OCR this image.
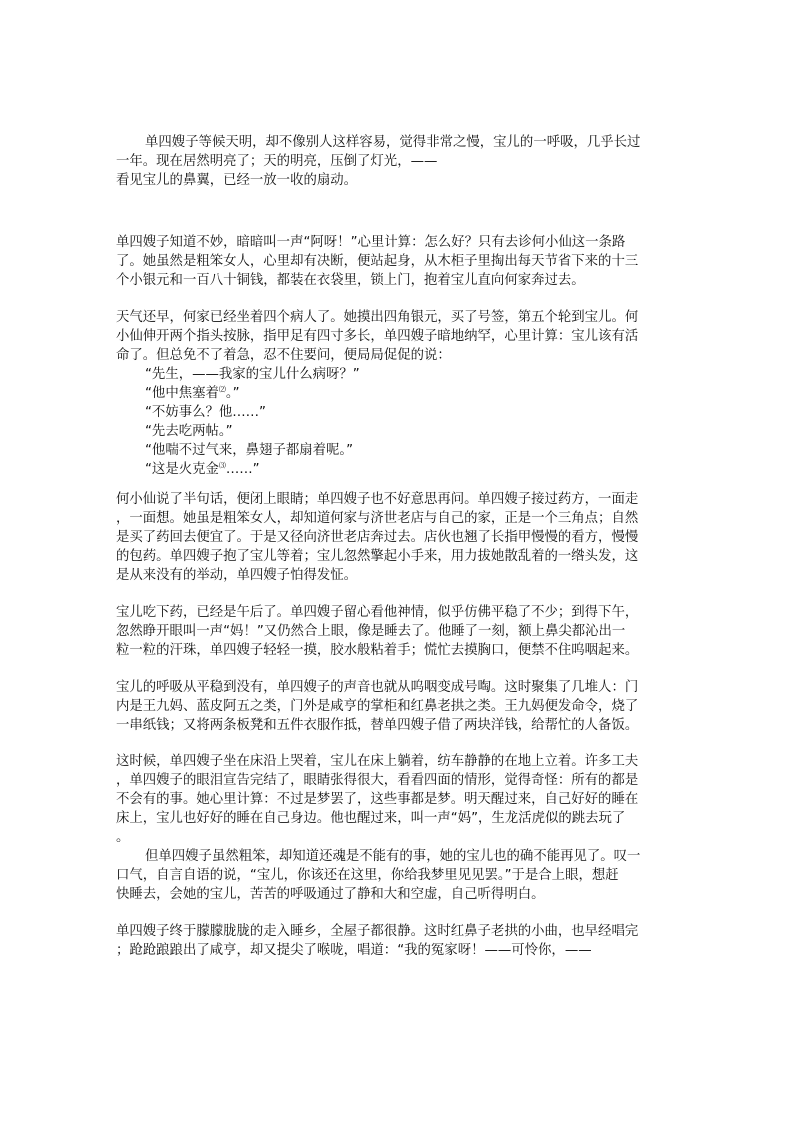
单四嫂子等候天明，却不像别人这样容易，觉得非常之慢，宝儿的一呼吸，几乎长过

一年。现在居然明亮了；天的明亮，压倒了灯光，——

看见宝儿的鼻翼，已经一放一收的扇动。

单四嫂子知道不妙，暗暗叫一声“阿呀！”心里计算：怎么好？只有去诊何小仙这一条路

了。她虽然是粗笨女人，心里却有决断，便站起身，从木柜子里掏出每天节省下来的十三

个小银元和一百八十铜钱，都装在衣袋里，锁上门，抱着宝儿直向何家奔过去。

天气还早，何家已经坐着四个病人了。她摸出四角银元，买了号签，第五个轮到宝儿。何

小仙伸开两个指头按脉，指甲足有四寸多长，单四嫂子暗地纳罕，心里计算：宝儿该有活

命了。但总免不了着急，忍不住要问，便局局促促的说：

“先生，——我家的宝儿什么病呀？”

“他中焦塞着⑵。”

“不妨事么？他……”

“先去吃两帖。”

“他喘不过气来，鼻翅子都扇着呢。”

“这是火克金⑶……”

何小仙说了半句话，便闭上眼睛；单四嫂子也不好意思再问。单四嫂子接过药方，一面走

，一面想。她虽是粗笨女人，却知道何家与济世老店与自己的家，正是一个三角点；自然

是买了药回去便宜了。于是又径向济世老店奔过去。店伙也翘了长指甲慢慢的看方，慢慢

的包药。单四嫂子抱了宝儿等着；宝儿忽然擎起小手来，用力拔她散乱着的一绺头发，这

是从来没有的举动，单四嫂子怕得发怔。

宝儿吃下药，已经是午后了。单四嫂子留心看他神情，似乎仿佛平稳了不少；到得下午，

忽然睁开眼叫一声“妈！”又仍然合上眼，像是睡去了。他睡了一刻，额上鼻尖都沁出一

粒一粒的汗珠，单四嫂子轻轻一摸，胶水般粘着手；慌忙去摸胸口，便禁不住呜咽起来。

宝儿的呼吸从平稳到没有，单四嫂子的声音也就从呜咽变成号啕。这时聚集了几堆人：门

内是王九妈、蓝皮阿五之类，门外是咸亨的掌柜和红鼻老拱之类。王九妈便发命令，烧了

一串纸钱；又将两条板凳和五件衣服作抵，替单四嫂子借了两块洋钱，给帮忙的人备饭。

这时候，单四嫂子坐在床沿上哭着，宝儿在床上躺着，纺车静静的在地上立着。许多工夫

，单四嫂子的眼泪宣告完结了，眼睛张得很大，看看四面的情形，觉得奇怪：所有的都是

不会有的事。她心里计算：不过是梦罢了，这些事都是梦。明天醒过来，自己好好的睡在

床上，宝儿也好好的睡在自己身边。他也醒过来，叫一声“妈”，生龙活虎似的跳去玩了

。

但单四嫂子虽然粗笨，却知道还魂是不能有的事，她的宝儿也的确不能再见了。叹一

口气，自言自语的说，“宝儿，你该还在这里，你给我梦里见见罢。”于是合上眼，想赶

快睡去，会她的宝儿，苦苦的呼吸通过了静和大和空虚，自己听得明白。

单四嫂子终于朦朦胧胧的走入睡乡，全屋子都很静。这时红鼻子老拱的小曲，也早经唱完

；跄跄踉踉出了咸亨，却又提尖了喉咙，唱道：“我的冤家呀！——可怜你，——
